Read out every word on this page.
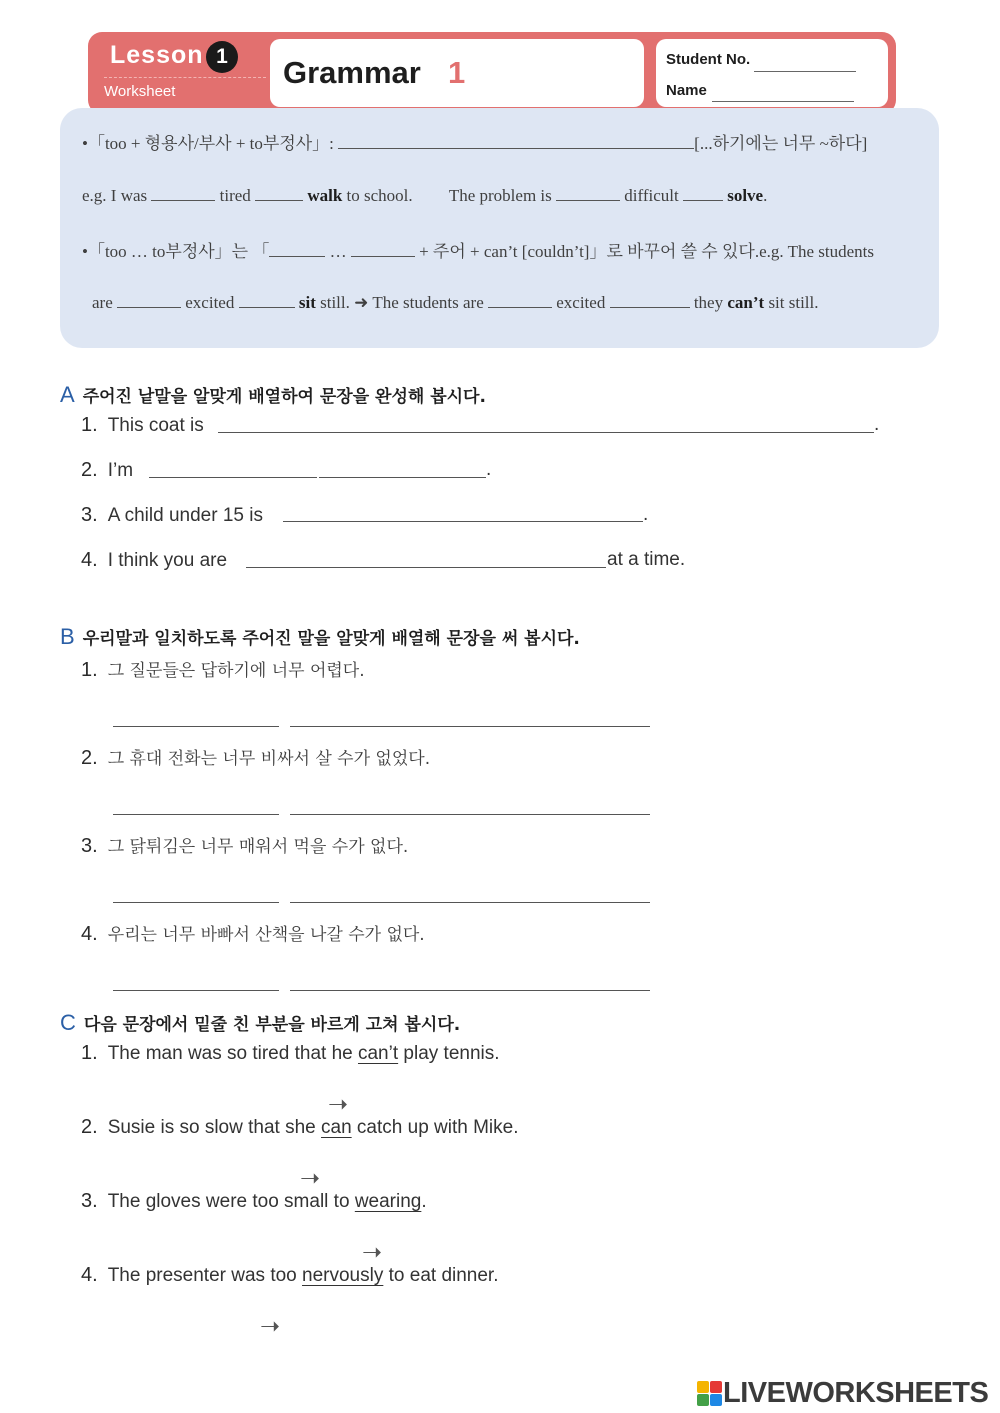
Lesson 1
Worksheet
Grammar 1	Student No.
Name
•「too + 형용사/부사 + to부정사」:	[...하기에는 너무 ~하다]
e.g. I was	tired	walk to school. The problem is	difficult	solve.
•「too … to부정사」는 「	…	+ 주어 + can’t [couldn’t]」로 바꾸어 쓸 수 있다.e.g. The students
are	excited	sit still. ➜ The students are	excited	they can’t sit still.
A 주어진 낱말을 알맞게 배열하여 문장을 완성해 봅시다.
1. This coat is	.
2. I’m	.
3. A child under 15 is	.
4. I think you are	at a time.
B 우리말과 일치하도록 주어진 말을 알맞게 배열해 문장을 써 봅시다.
1. 그 질문들은 답하기에 너무 어렵다.
2. 그 휴대 전화는 너무 비싸서 살 수가 없었다.
3. 그 닭튀김은 너무 매워서 먹을 수가 없다.
4. 우리는 너무 바빠서 산책을 나갈 수가 없다.
C 다음 문장에서 밑줄 친 부분을 바르게 고쳐 봅시다.
1. The man was so tired that he can’t play tennis.
➝
2. Susie is so slow that she can catch up with Mike.
➝
3. The gloves were too small to wearing.
➝
4. The presenter was too nervously to eat dinner.
➝
LIVEWORKSHEETS
